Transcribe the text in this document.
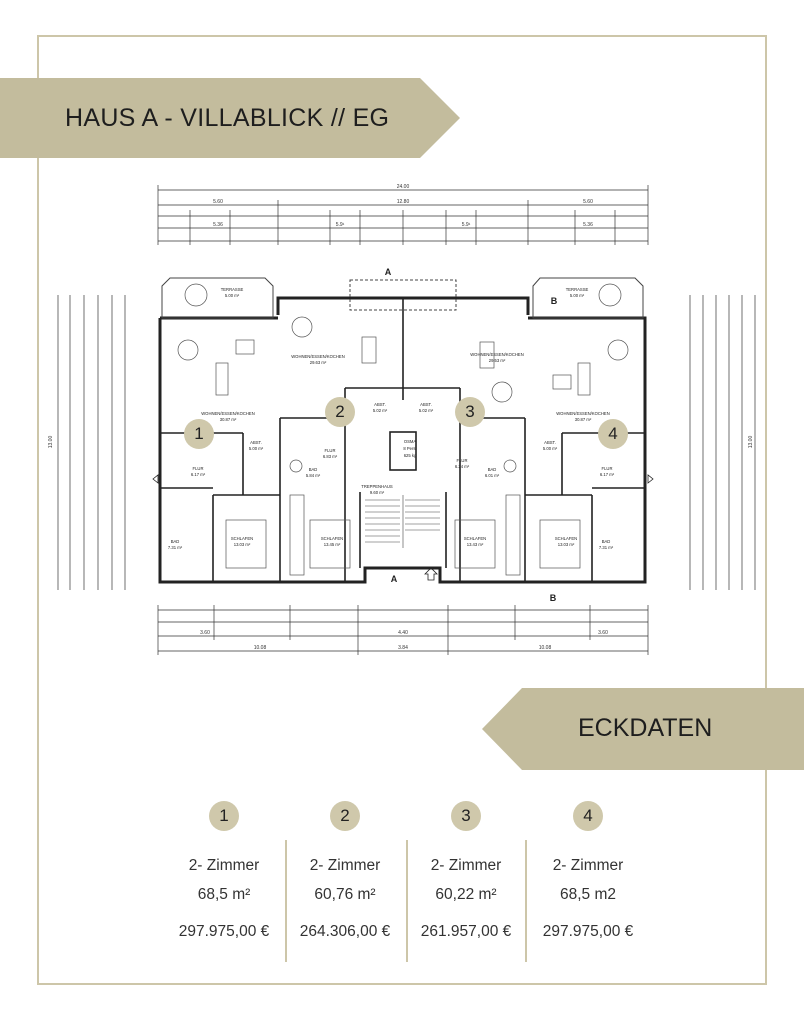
HAUS A - VILLABLICK // EG
24.00
5.60	12.80	5.60
5.36	5.9¹	5.9¹	5.36
3.60	4.40	3.60
10.08	3.84	10.08
13.00	13.00
A
A
B
B
TERRASSE
5.00 m²
TERRASSE
5.00 m²
WOHNEN/ESSEN/KOCHEN
30.87 m²
WOHNEN/ESSEN/KOCHEN
29.63 m²
WOHNEN/ESSEN/KOCHEN
29.53 m²
WOHNEN/ESSEN/KOCHEN
30.87 m²
ABST.
5.00 m²
ABST.
5.02 m²
ABST.
5.02 m²
ABST.
5.00 m²
FLUR
6.17 m²
FLUR
6.83 m²
FLUR
6.24 m²	FLUR
6.17 m²
BAD
7.31 m²
BAD
5.84 m²
BAD
6.01 m²
BAD
7.31 m²
SCHLAFEN
13.03 m²
SCHLAFEN
13.45 m²
SCHLAFEN
13.43 m²
SCHLAFEN
13.03 m²
TREPPENHAUS
9.60 m²
OSMA
8 Pers.
625 kg
1
2	3
4
ECKDATEN
1
2- Zimmer
68,5 m²
297.975,00 €
2
2- Zimmer
60,76 m²
264.306,00 €
3
2- Zimmer
60,22 m²
261.957,00 €
4
2- Zimmer
68,5 m2
297.975,00 €
